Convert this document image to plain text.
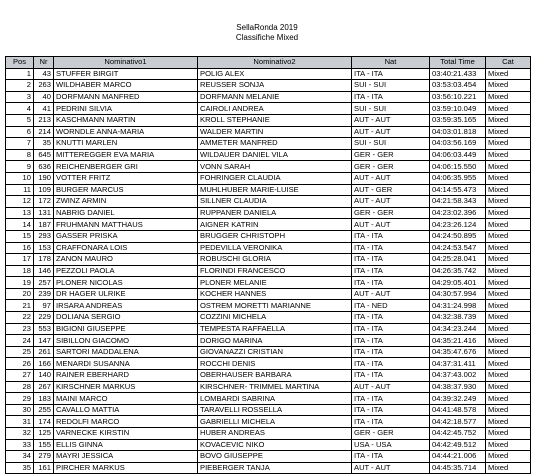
SellaRonda 2019
Classifiche Mixed
Pos	Nr	Nominativo1	Nominativo2	Nat	Total Time	Cat
1	43	STUFFER BIRGIT	POLIG ALEX	ITA - ITA	03:40:21.433	Mixed
2	263	WILDHABER MARCO	REUSSER SONJA	SUI - SUI	03:53:03.454	Mixed
3	40	DORFMANN MANFRED	DORFMANN MELANIE	ITA - ITA	03:56:10.221	Mixed
4	41	PEDRINI SILVIA	CAIROLI ANDREA	SUI - SUI	03:59:10.049	Mixed
5	213	KASCHMANN MARTIN	KROLL STEPHANIE	AUT - AUT	03:59:35.165	Mixed
6	214	WORNDLE ANNA-MARIA	WALDER MARTIN	AUT - AUT	04:03:01.818	Mixed
7	35	KNUTTI MARLEN	AMMETER MANFRED	SUI - SUI	04:03:56.169	Mixed
8	645	MITTEREGGER EVA MARIA	WILDAUER DANIEL VILA	GER - GER	04:06:03.449	Mixed
9	636	REICHENBERGER GRI	VONN SARAH	GER - GER	04:06:15.550	Mixed
10	190	VOTTER FRITZ	FOHRINGER CLAUDIA	AUT - AUT	04:06:35.955	Mixed
11	109	BURGER MARCUS	MUHLHUBER MARIE-LUISE	AUT - GER	04:14:55.473	Mixed
12	172	ZWINZ ARMIN	SILLNER CLAUDIA	AUT - AUT	04:21:58.343	Mixed
13	131	NABRIG DANIEL	RUPPANER DANIELA	GER - GER	04:23:02.396	Mixed
14	187	FRUHMANN MATTHAUS	AIGNER KATRIN	AUT - AUT	04:23:26.124	Mixed
15	293	GASSER PRISKA	BRUGGER CHRISTOPH	ITA - ITA	04:24:50.895	Mixed
16	153	CRAFFONARA LOIS	PEDEVILLA VERONIKA	ITA - ITA	04:24:53.547	Mixed
17	178	ZANON MAURO	ROBUSCHI GLORIA	ITA - ITA	04:25:28.041	Mixed
18	146	PEZZOLI PAOLA	FLORINDI FRANCESCO	ITA - ITA	04:26:35.742	Mixed
19	257	PLONER NICOLAS	PLONER MELANIE	ITA - ITA	04:29:05.401	Mixed
20	239	DR HAGER ULRIKE	KOCHER HANNES	AUT - AUT	04:30:57.994	Mixed
21	97	IRSARA ANDREAS	OSTREM MORETTI MARIANNE	ITA - NED	04:31:24.998	Mixed
22	229	DOLIANA SERGIO	COZZINI MICHELA	ITA - ITA	04:32:38.739	Mixed
23	553	BIGIONI GIUSEPPE	TEMPESTA RAFFAELLA	ITA - ITA	04:34:23.244	Mixed
24	147	SIBILLON GIACOMO	DORIGO MARINA	ITA - ITA	04:35:21.416	Mixed
25	261	SARTORI MADDALENA	GIOVANAZZI CRISTIAN	ITA - ITA	04:35:47.676	Mixed
26	166	MENARDI SUSANNA	ROCCHI DENIS	ITA - ITA	04:37:31.411	Mixed
27	140	RAINER EBERHARD	OBERHAUSER BARBARA	ITA - ITA	04:37:43.002	Mixed
28	267	KIRSCHNER MARKUS	KIRSCHNER- TRIMMEL MARTINA	AUT - AUT	04:38:37.930	Mixed
29	183	MAINI MARCO	LOMBARDI SABRINA	ITA - ITA	04:39:32.249	Mixed
30	255	CAVALLO MATTIA	TARAVELLI ROSSELLA	ITA - ITA	04:41:48.578	Mixed
31	174	REDOLFI MARCO	GABRIELLI MICHELA	ITA - ITA	04:42:18.577	Mixed
32	125	VARNECKE KIRSTIN	HUBER ANDREAS	GER - GER	04:42:45.752	Mixed
33	155	ELLIS GINNA	KOVACEVIC NIKO	USA - USA	04:42:49.512	Mixed
34	279	MAYRI JESSICA	BOVO GIUSEPPE	ITA - ITA	04:44:21.006	Mixed
35	161	PIRCHER MARKUS	PIEBERGER TANJA	AUT - AUT	04:45:35.714	Mixed
